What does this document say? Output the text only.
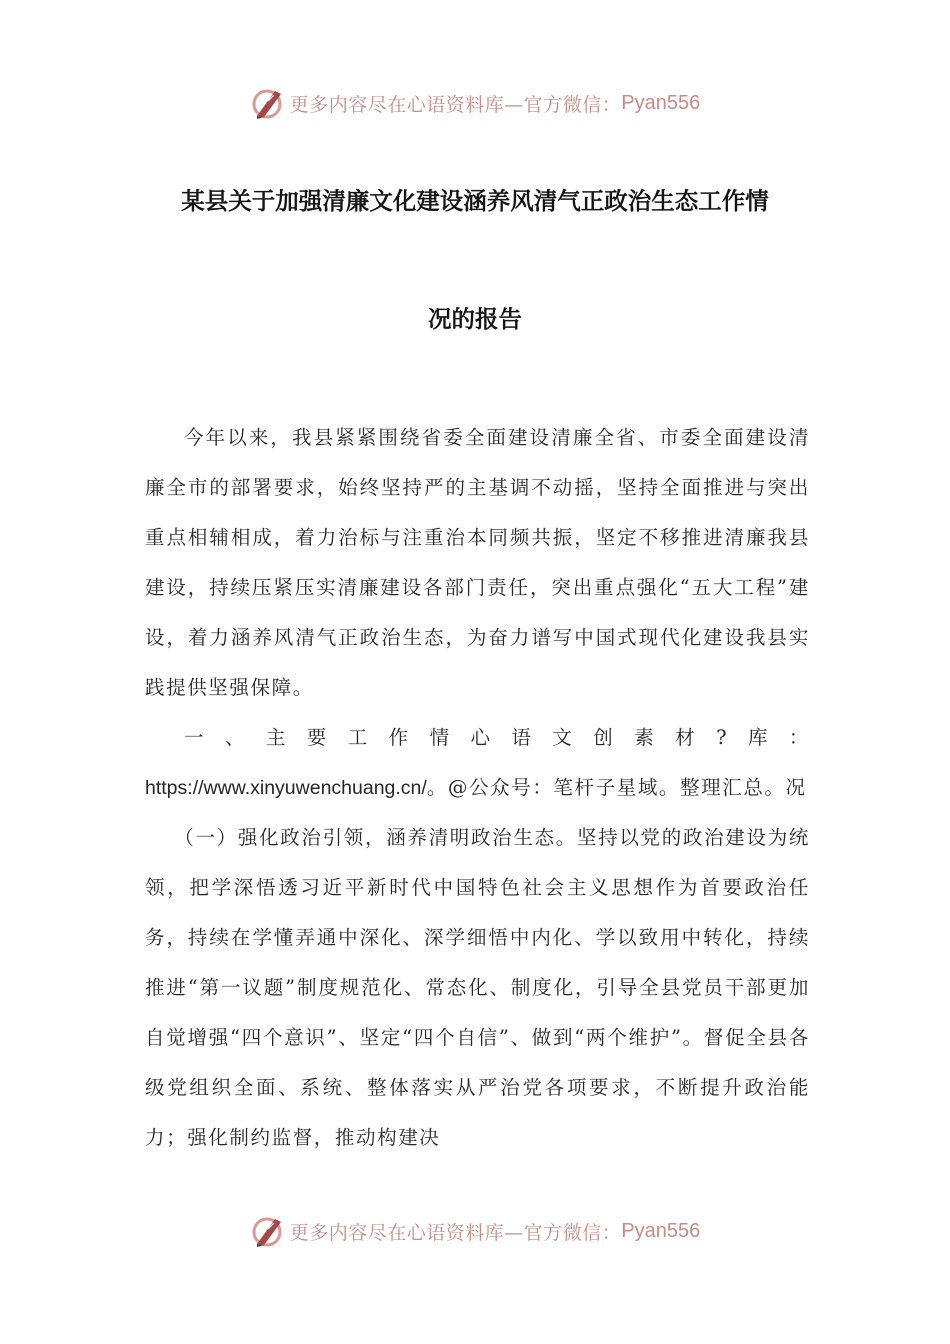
更多内容尽在心语资料库—官方微信： Pyan556
某县关于加强清廉文化建设涵养风清气正政治生态工作情
况的报告

今年以来，我县紧紧围绕省委全面建设清廉全省、市委全面建设清廉全市的部署要求，始终坚持严的主基调不动摇，坚持全面推进与突出重点相辅相成，着力治标与注重治本同频共振，坚定不移推进清廉我县建设，持续压紧压实清廉建设各部门责任，突出重点强化“五大工程”建设，着力涵养风清气正政治生态，为奋力谱写中国式现代化建设我县实践提供坚强保障。

一、主要工作情心语文创素材?库：https://www.xinyuwenchuang.cn/。@公众号：笔杆子星域。整理汇总。况

（一）强化政治引领，涵养清明政治生态。坚持以党的政治建设为统领，把学深悟透习近平新时代中国特色社会主义思想作为首要政治任务，持续在学懂弄通中深化、深学细悟中内化、学以致用中转化，持续推进“第一议题”制度规范化、常态化、制度化，引导全县党员干部更加自觉增强“四个意识”、坚定“四个自信”、做到“两个维护”。督促全县各级党组织全面、系统、整体落实从严治党各项要求，不断提升政治能力；强化制约监督，推动构建决

更多内容尽在心语资料库—官方微信： Pyan556
